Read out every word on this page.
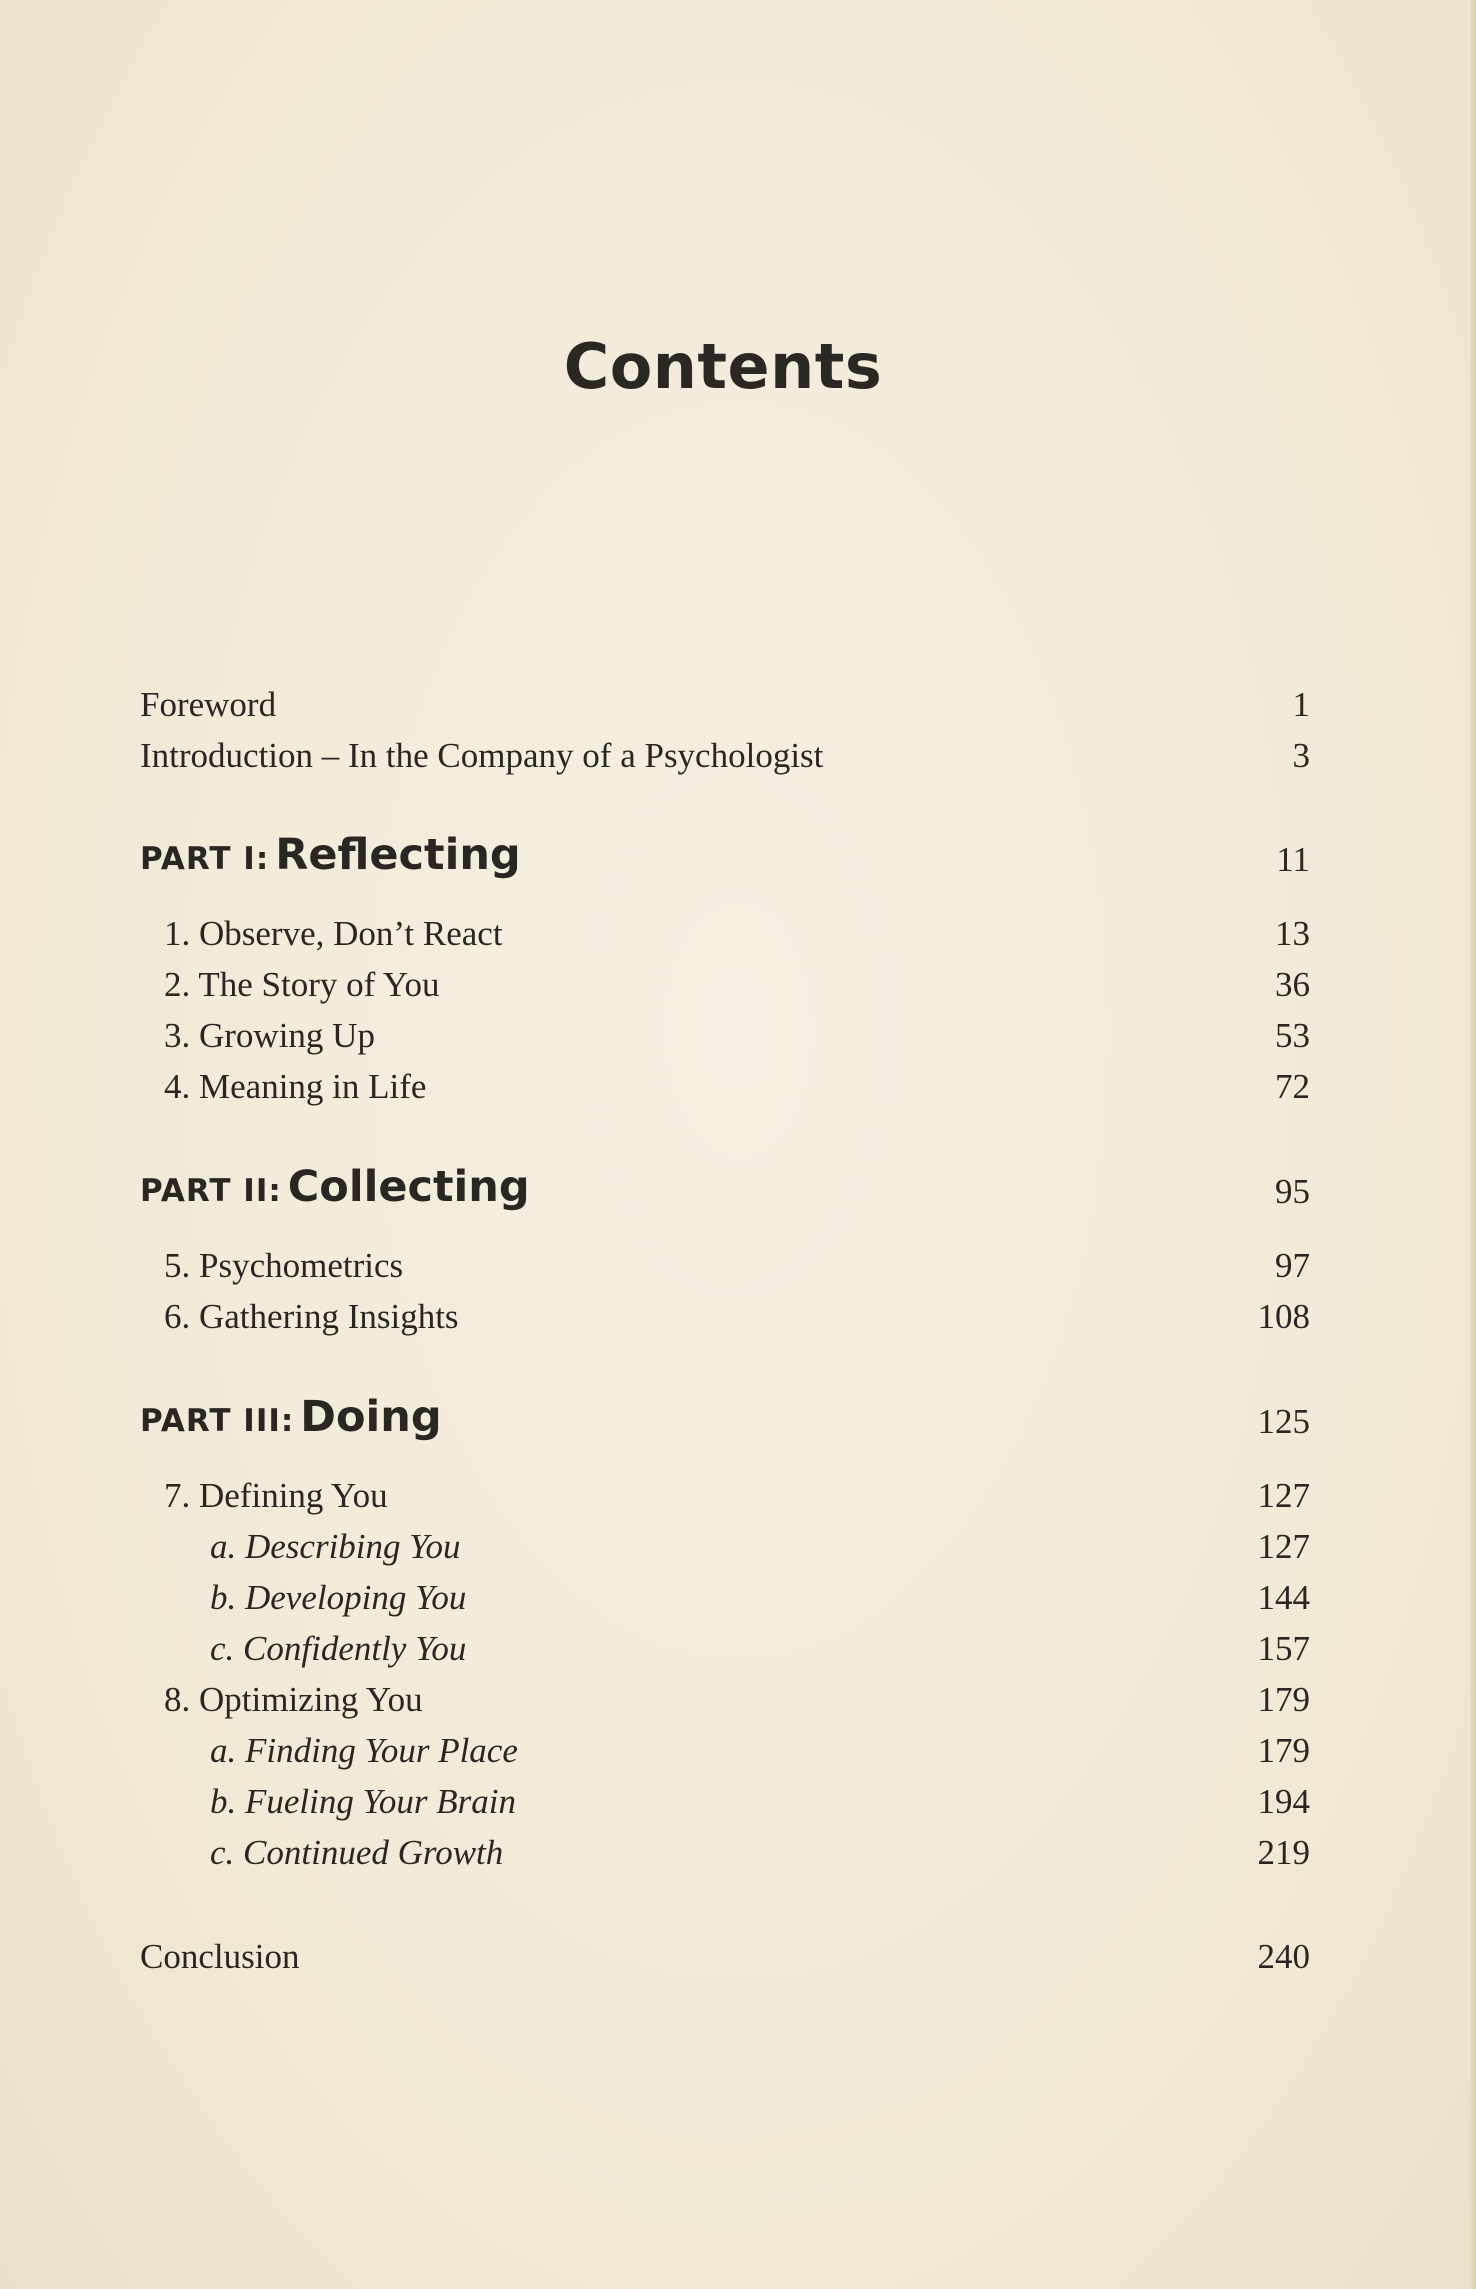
Contents
Foreword	1
Introduction – In the Company of a Psychologist	3
PART I: Reflecting	11
1. Observe, Don’t React	13
2. The Story of You	36
3. Growing Up	53
4. Meaning in Life	72
PART II: Collecting	95
5. Psychometrics	97
6. Gathering Insights	108
PART III: Doing	125
7. Defining You	127
a. Describing You	127
b. Developing You	144
c. Confidently You	157
8. Optimizing You	179
a. Finding Your Place	179
b. Fueling Your Brain	194
c. Continued Growth	219
Conclusion	240
